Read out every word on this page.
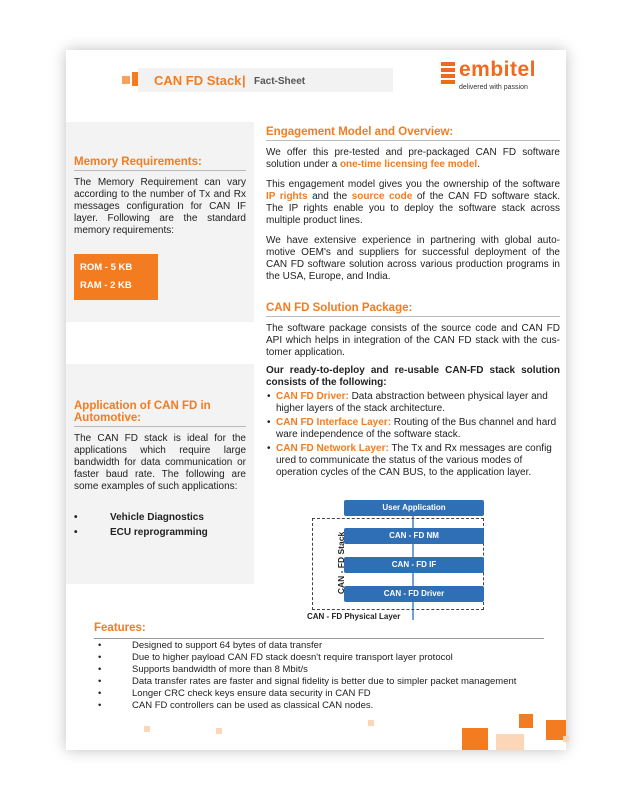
CAN FD Stack | Fact-Sheet
embitel
delivered with passion
Memory Requirements:
The Memory Requirement can vary according to the number of Tx and Rx messages configuration for CAN IF layer. Following are the standard memory requirements:
ROM - 5 KB
RAM - 2 KB
Application of CAN FD in Automotive:
The CAN FD stack is ideal for the applications which require large bandwidth for data communication or faster baud rate. The following are some examples of such applications:
•	Vehicle Diagnostics
•	ECU reprogramming
Engagement Model and Overview:
We offer this pre-tested and pre-packaged CAN FD software solution under a one-time licensing fee model.
This engagement model gives you the ownership of the software IP rights and the source code of the CAN FD software stack. The IP rights enable you to deploy the software stack across multiple product lines.
We have extensive experience in partnering with global auto-motive OEM's and suppliers for successful deployment of the CAN FD software solution across various production programs in the USA, Europe, and India.
CAN FD Solution Package:
The software package consists of the source code and CAN FD API which helps in integration of the CAN FD stack with the cus-tomer application.
Our ready-to-deploy and re-usable CAN-FD stack solution consists of the following:
• CAN FD Driver: Data abstraction between physical layer and higher layers of the stack architecture.
• CAN FD Interface Layer: Routing of the Bus channel and hard ware independence of the software stack.
• CAN FD Network Layer: The Tx and Rx messages are config ured to communicate the status of the various modes of operation cycles of the CAN BUS, to the application layer.
User Application
CAN - FD NM
CAN - FD IF
CAN - FD Driver
CAN - FD Stack
CAN - FD Physical Layer
Features:
• Designed to support 64 bytes of data transfer
• Due to higher payload CAN FD stack doesn't require transport layer protocol
• Supports bandwidth of more than 8 Mbit/s
• Data transfer rates are faster and signal fidelity is better due to simpler packet management
• Longer CRC check keys ensure data security in CAN FD
• CAN FD controllers can be used as classical CAN nodes.
